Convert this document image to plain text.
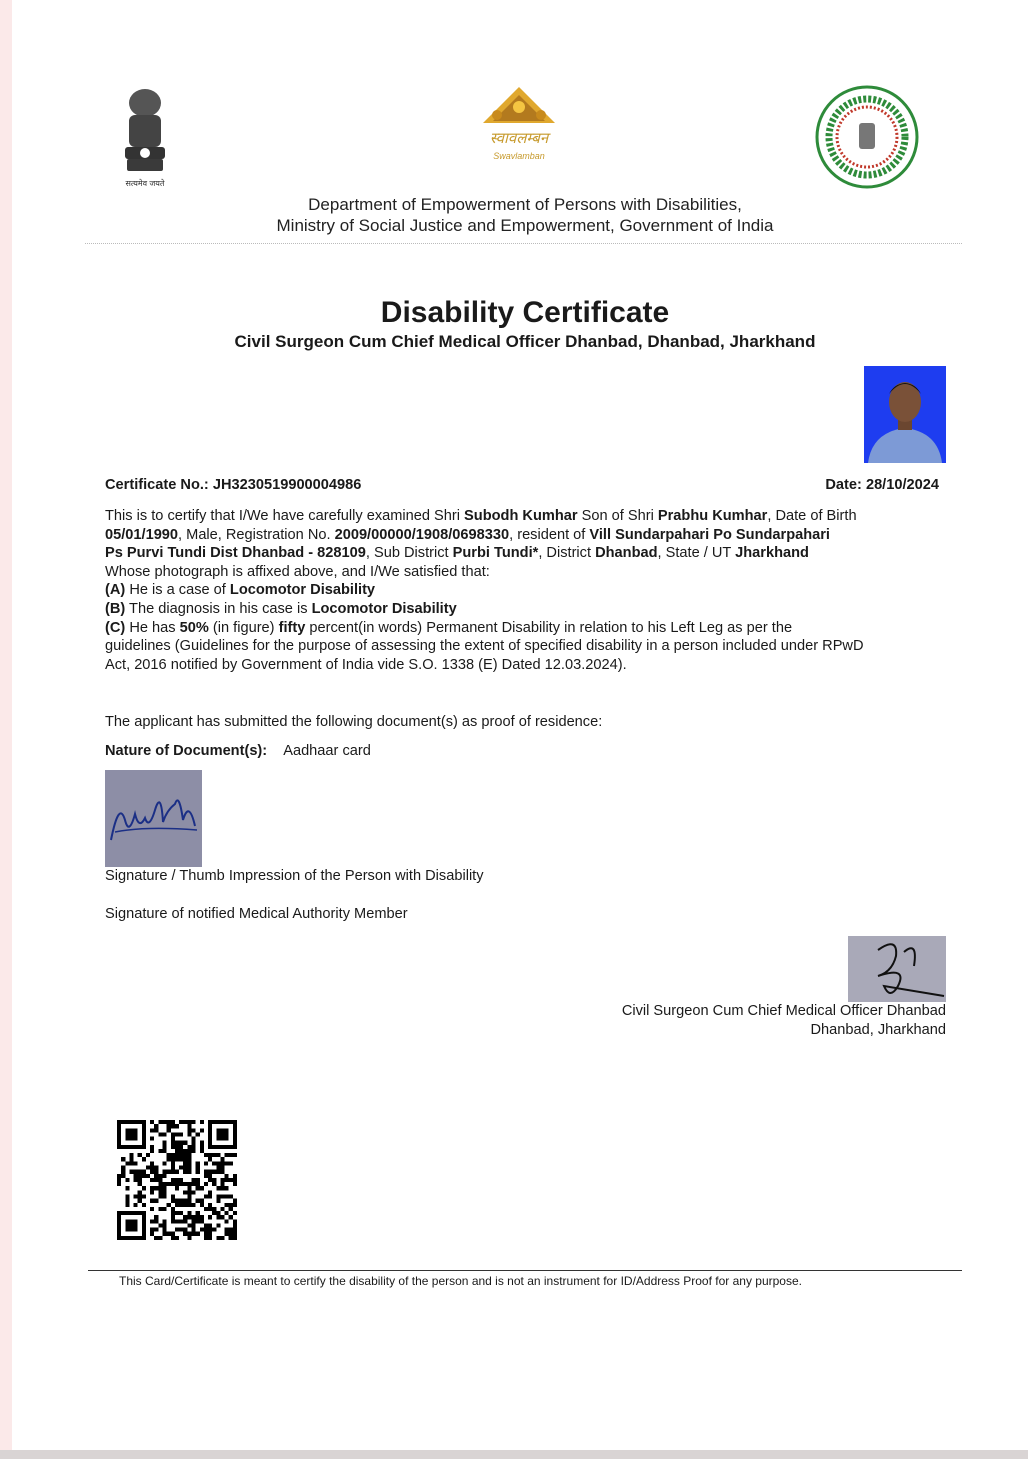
सत्यमेव जयते
स्वावलम्बन
Swavlamban
Department of Empowerment of Persons with Disabilities,
Ministry of Social Justice and Empowerment, Government of India
Disability Certificate
Civil Surgeon Cum Chief Medical Officer Dhanbad, Dhanbad, Jharkhand
Certificate No.: JH3230519900004986	Date: 28/10/2024
This is to certify that I/We have carefully examined Shri Subodh Kumhar Son of Shri Prabhu Kumhar, Date of Birth
05/01/1990, Male, Registration No. 2009/00000/1908/0698330, resident of Vill Sundarpahari Po Sundarpahari
Ps Purvi Tundi Dist Dhanbad - 828109, Sub District Purbi Tundi*, District Dhanbad, State / UT Jharkhand
Whose photograph is affixed above, and I/We satisfied that:
(A) He is a case of Locomotor Disability
(B) The diagnosis in his case is Locomotor Disability
(C) He has 50% (in figure) fifty percent(in words) Permanent Disability in relation to his Left Leg as per the
guidelines (Guidelines for the purpose of assessing the extent of specified disability in a person included under RPwD
Act, 2016 notified by Government of India vide S.O. 1338 (E) Dated 12.03.2024).
The applicant has submitted the following document(s) as proof of residence:
Nature of Document(s): Aadhaar card
Signature / Thumb Impression of the Person with Disability
Signature of notified Medical Authority Member
Civil Surgeon Cum Chief Medical Officer Dhanbad
Dhanbad, Jharkhand
This Card/Certificate is meant to certify the disability of the person and is not an instrument for ID/Address Proof for any purpose.
